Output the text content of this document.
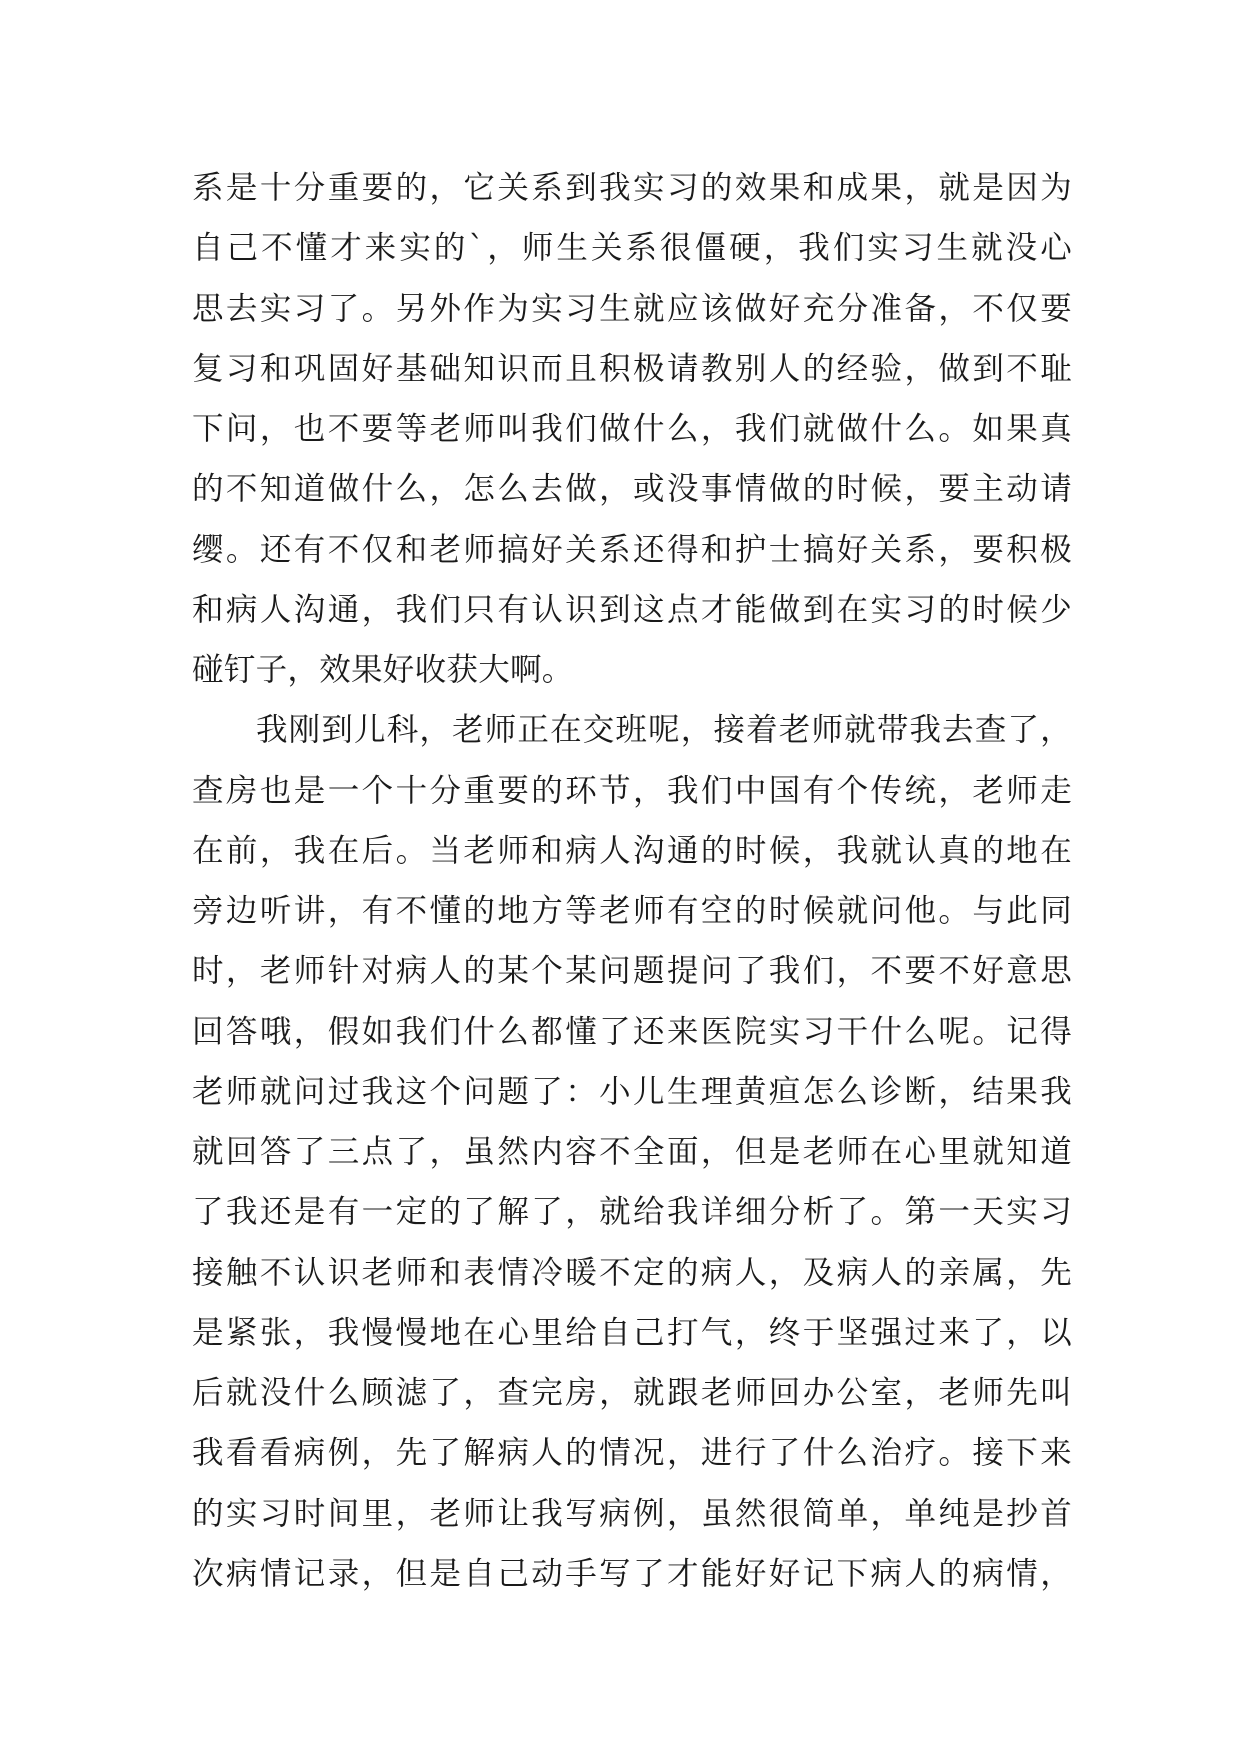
系是十分重要的，它关系到我实习的效果和成果，就是因为
自己不懂才来实的`，师生关系很僵硬，我们实习生就没心
思去实习了。另外作为实习生就应该做好充分准备，不仅要
复习和巩固好基础知识而且积极请教别人的经验，做到不耻
下问，也不要等老师叫我们做什么，我们就做什么。如果真
的不知道做什么，怎么去做，或没事情做的时候，要主动请
缨。还有不仅和老师搞好关系还得和护士搞好关系，要积极
和病人沟通，我们只有认识到这点才能做到在实习的时候少
碰钉子，效果好收获大啊。
我刚到儿科，老师正在交班呢，接着老师就带我去查了，
查房也是一个十分重要的环节，我们中国有个传统，老师走
在前，我在后。当老师和病人沟通的时候，我就认真的地在
旁边听讲，有不懂的地方等老师有空的时候就问他。与此同
时，老师针对病人的某个某问题提问了我们，不要不好意思
回答哦，假如我们什么都懂了还来医院实习干什么呢。记得
老师就问过我这个问题了：小儿生理黄疸怎么诊断，结果我
就回答了三点了，虽然内容不全面，但是老师在心里就知道
了我还是有一定的了解了，就给我详细分析了。第一天实习
接触不认识老师和表情冷暖不定的病人，及病人的亲属，先
是紧张，我慢慢地在心里给自己打气，终于坚强过来了，以
后就没什么顾滤了，查完房，就跟老师回办公室，老师先叫
我看看病例，先了解病人的情况，进行了什么治疗。接下来
的实习时间里，老师让我写病例，虽然很简单，单纯是抄首
次病情记录，但是自己动手写了才能好好记下病人的病情，
